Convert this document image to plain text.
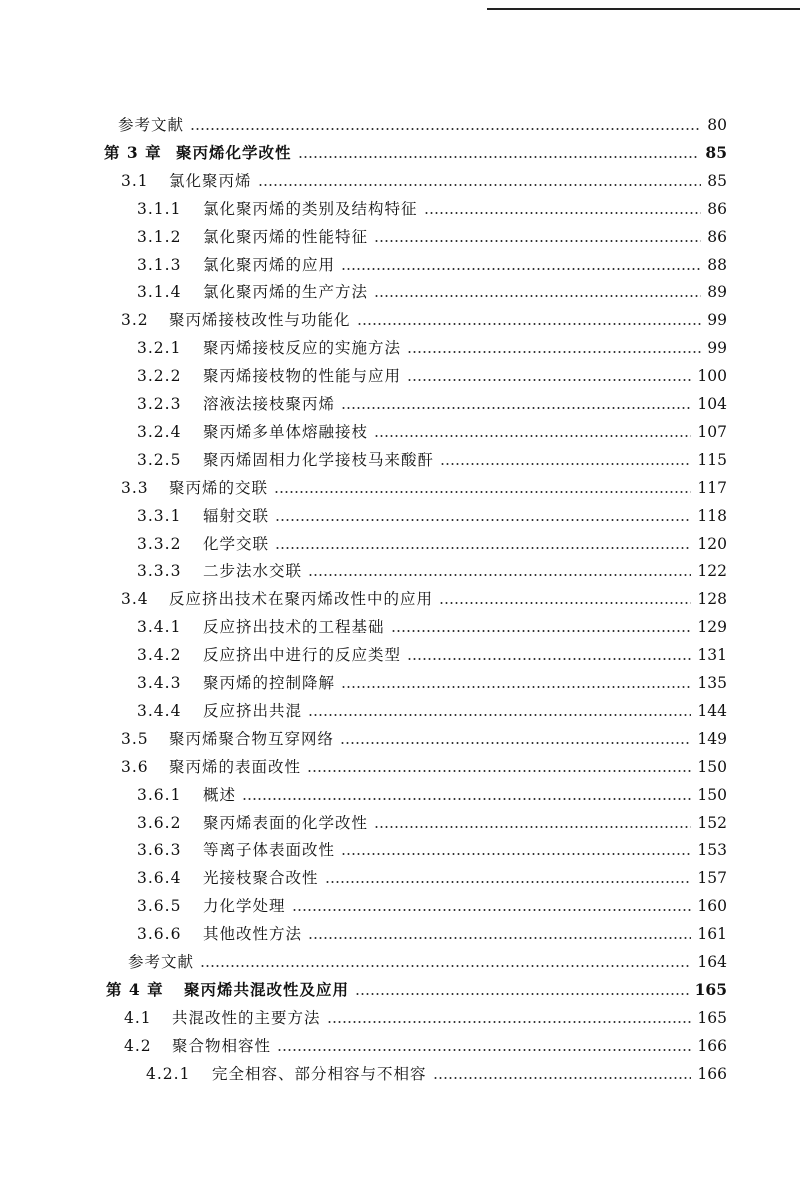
参考文献	80
第 3 章 聚丙烯化学改性	85
3.1	氯化聚丙烯	85
3.1.1 氯化聚丙烯的类别及结构特征	86
3.1.2 氯化聚丙烯的性能特征	86
3.1.3 氯化聚丙烯的应用	88
3.1.4 氯化聚丙烯的生产方法	89
3.2	聚丙烯接枝改性与功能化	99
3.2.1 聚丙烯接枝反应的实施方法	99
3.2.2 聚丙烯接枝物的性能与应用	100
3.2.3 溶液法接枝聚丙烯	104
3.2.4 聚丙烯多单体熔融接枝	107
3.2.5 聚丙烯固相力化学接枝马来酸酐	115
3.3	聚丙烯的交联	117
3.3.1 辐射交联	118
3.3.2 化学交联	120
3.3.3 二步法水交联	122
3.4	反应挤出技术在聚丙烯改性中的应用	128
3.4.1 反应挤出技术的工程基础	129
3.4.2 反应挤出中进行的反应类型	131
3.4.3 聚丙烯的控制降解	135
3.4.4 反应挤出共混	144
3.5	聚丙烯聚合物互穿网络	149
3.6	聚丙烯的表面改性	150
3.6.1 概述	150
3.6.2 聚丙烯表面的化学改性	152
3.6.3 等离子体表面改性	153
3.6.4 光接枝聚合改性	157
3.6.5 力化学处理	160
3.6.6 其他改性方法	161
参考文献	164
第 4 章 聚丙烯共混改性及应用	165
4.1	共混改性的主要方法	165
4.2	聚合物相容性	166
4.2.1 完全相容、部分相容与不相容	166
